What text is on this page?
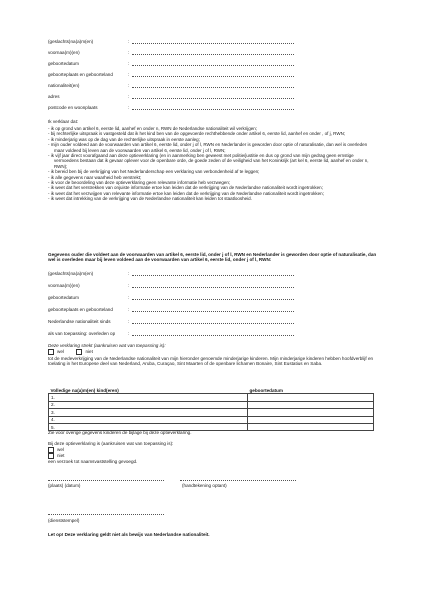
(geslachts)na(a)m(en)	:
voornaa(m)(en)	:
geboortedatum	:
geboorteplaats en geboorteland	:
nationaliteit(en)	:
adres	:
postcode en woonplaats	:
Ik verklaar dat:
- ik op grond van artikel 6, eerste lid, aanhef en onder n, RWN de Nederlandse nationaliteit wil verkrijgen;
- bij rechterlijke uitspraak is vastgesteld dat ik het kind ben van de opgevoerde rechthebbende onder artikel 6, eerste lid, aanhef en onder , of j, RWN;
- ik minderjarig was op de dag van de rechterlijke uitspraak in eerste aanleg;
- mijn ouder voldeed aan de voorwaarden van artikel 6, eerste lid, onder j of l, RWN en Nederlander is geworden door optie of naturalisatie, dan wel is overleden maar voldeed bij leven aan de voorwaarden van artikel 6, eerste lid, onder j of l, RWN;
- ik vijf jaar direct voorafgaand aan deze optieverklaring (en in aanmerking ben geweest met politie/justitie en dus op grond van mijn gedrag geen ernstige vermoedens bestaan dat ik gevaar oplever voor de openbare orde, de goede zeden of de veiligheid van het Koninkrijk (art kel 6, eerste lid, aanhef en onder n, RWN);
- ik bereid ben bij de verkrijging van het Nederlanderschap een verklaring van verbondenheid af te leggen;
- ik alle gegevens naar waarheid heb verstrekt;
- ik voor de beoordeling van deze optieverklaring geen relevante informatie heb verzwegen;
- ik weet dat het verstrekken van onjuiste informatie ertoe kan leiden dat de verkrijging van de Nederlandse nationaliteit wordt ingetrokken;
- ik weet dat het verzwijgen van relevante informatie ertoe kan leiden dat de verkrijging van de Nederlandse nationaliteit wordt ingetrokken;
- ik weet dat intrekking van de verkrijging van de Nederlandse nationaliteit kan leiden tot staatloosheid.
Gegevens ouder die voldeet aan de voorwaarden van artikel 6, eerste lid, onder j of l, RWN en Nederlander is geworden door optie of naturalisatie, dan wel is overleden maar bij leven voldeed aan de voorwaarden van artikel 6, eerste lid, onder j of l, RWN:
(geslachts)na(a)m(en)	:
voornaa(m)(en)	:
geboortedatum	:
geboorteplaats en geboorteland	:
Nederlandse nationaliteit sinds	:
als van toepassing: overleden op	:
Deze verklaring strekt (aankruisen wat van toepassing is):
wel	niet
tot de medeverkrijging van de Nederlandse nationaliteit van mijn hieronder genoemde minderjarige kinderen. Mijn minderjarige kinderen hebben hoofdverblijf en toelating in het Europese deel van Nederland, Aruba, Curaçao, Sint Maarten of de openbare lichamen Bonaire, Sint Eustatius en Saba.
Volledige na(a)m(en) kind(eren)	geboortedatum
1.	
2.	
3.	
4.	
5.	
Zie voor overige gegevens kinderen de bijlage bij deze optieverklaring.
Bij deze optieverklaring is (aankruisen wat van toepassing is):
wel
niet
een verzoek tot naamsvaststelling gevoegd.
(plaats) (datum)	(handtekening optant)
(dienststempel)
Let op! Deze verklaring geldt niet als bewijs van Nederlandse nationaliteit.
